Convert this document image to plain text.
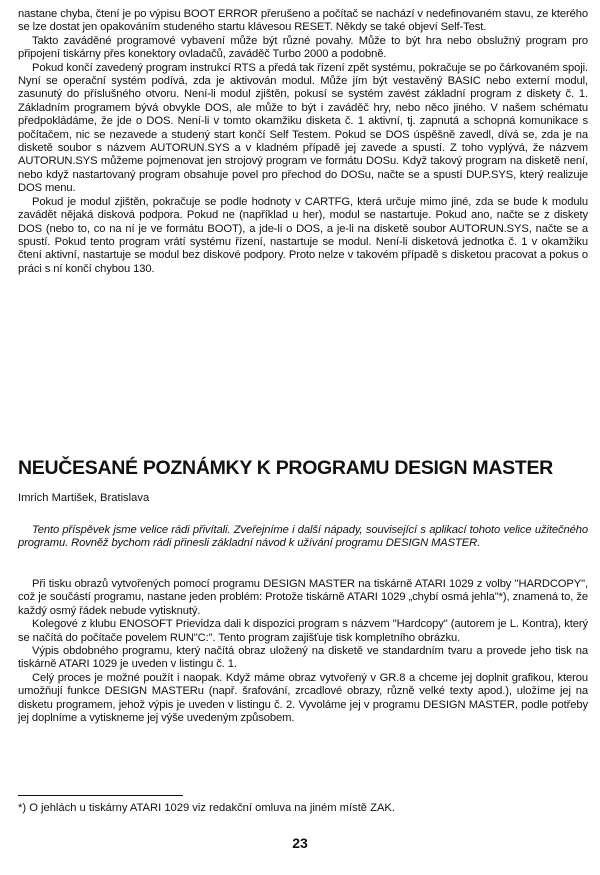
nastane chyba, čtení je po výpisu BOOT ERROR přerušeno a počítač se nachází v nedefinovaném stavu, ze kterého se lze dostat jen opakováním studeného startu klávesou RESET. Někdy se také objeví Self-Test.

Takto zaváděné programové vybavení může být různé povahy. Může to být hra nebo obslužný program pro připojení tiskárny přes konektory ovladačů, zaváděč Turbo 2000 a podobně.

Pokud končí zavedený program instrukcí RTS a předá tak řízení zpět systému, pokračuje se po čárkovaném spoji. Nyní se operační systém podívá, zda je aktivován modul. Může jím být vestavěný BASIC nebo externí modul, zasunutý do příslušného otvoru. Není-li modul zjištěn, pokusí se systém zavést základní program z diskety č. 1. Základním programem bývá obvykle DOS, ale může to být i zaváděč hry, nebo něco jiného. V našem schématu předpokládáme, že jde o DOS. Není-li v tomto okamžiku disketa č. 1 aktivní, tj. zapnutá a schopná komunikace s počítačem, nic se nezavede a studený start končí Self Testem. Pokud se DOS úspěšně zavedl, dívá se, zda je na disketě soubor s názvem AUTORUN.SYS a v kladném případě jej zavede a spustí. Z toho vyplývá, že názvem AUTORUN.SYS můžeme pojmenovat jen strojový program ve formátu DOSu. Když takový program na disketě není, nebo když nastartovaný program obsahuje povel pro přechod do DOSu, načte se a spustí DUP.SYS, který realizuje DOS menu.

Pokud je modul zjištěn, pokračuje se podle hodnoty v CARTFG, která určuje mimo jiné, zda se bude k modulu zavádět nějaká disková podpora. Pokud ne (například u her), modul se nastartuje. Pokud ano, načte se z diskety DOS (nebo to, co na ní je ve formátu BOOT), a jde-li o DOS, a je-li na disketě soubor AUTORUN.SYS, načte se a spustí. Pokud tento program vrátí systému řízení, nastartuje se modul. Není-li disketová jednotka č. 1 v okamžiku čtení aktivní, nastartuje se modul bez diskové podpory. Proto nelze v takovém případě s disketou pracovat a pokus o práci s ní končí chybou 130.

NEUČESANÉ POZNÁMKY K PROGRAMU DESIGN MASTER

Imrich Martišek, Bratislava

Tento příspěvek jsme velice rádi přivítali. Zveřejníme i další nápady, související s aplikací tohoto velice užitečného programu. Rovněž bychom rádi přinesli základní návod k užívání programu DESIGN MASTER.

Při tisku obrazů vytvořených pomocí programu DESIGN MASTER na tiskárně ATARI 1029 z volby "HARDCOPY", což je součástí programu, nastane jeden problém: Protože tiskárně ATARI 1029 „chybí osmá jehla"*), znamená to, že každý osmý řádek nebude vytisknutý.

Kolegové z klubu ENOSOFT Prievidza dali k dispozici program s názvem "Hardcopy" (autorem je L. Kontra), který se načítá do počítače povelem RUN"C:". Tento program zajišťuje tisk kompletního obrázku.

Výpis obdobného programu, který načítá obraz uložený na disketě ve standardním tvaru a provede jeho tisk na tiskárně ATARI 1029 je uveden v listingu č. 1.

Celý proces je možné použít i naopak. Když máme obraz vytvořený v GR.8 a chceme jej doplnit grafikou, kterou umožňují funkce DESIGN MASTERu (např. šrafování, zrcadlové obrazy, různě velké texty apod.), uložíme jej na disketu programem, jehož výpis je uveden v listingu č. 2. Vyvoláme jej v programu DESIGN MASTER, podle potřeby jej doplníme a vytiskneme jej výše uvedeným způsobem.

*) O jehlách u tiskárny ATARI 1029 viz redakční omluva na jiném místě ZAK.

23
